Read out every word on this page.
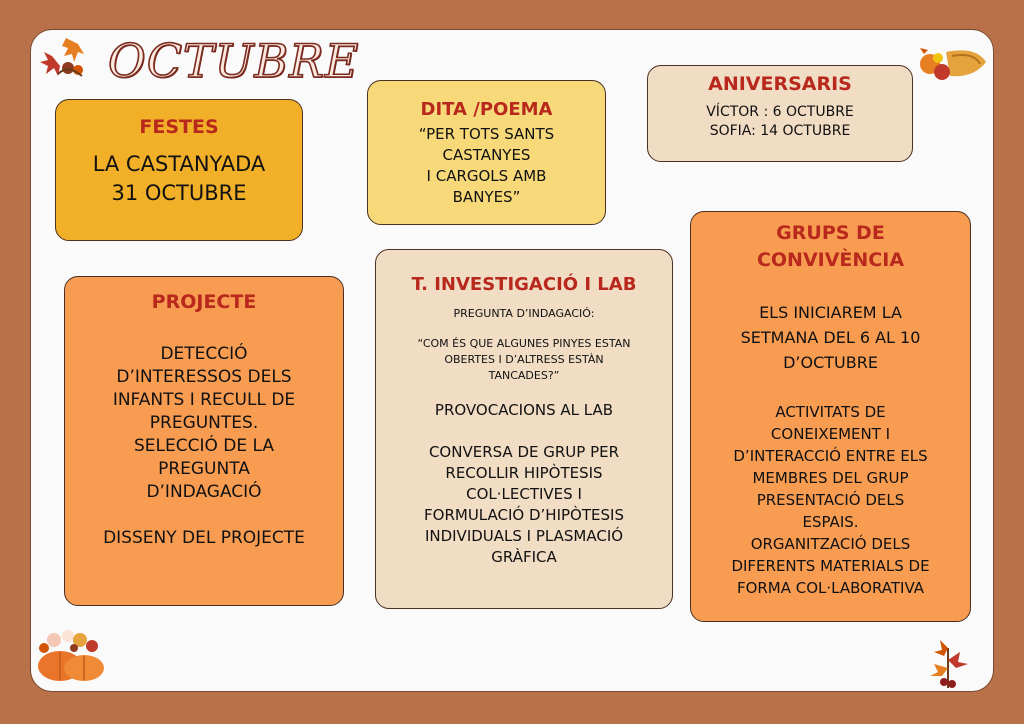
OCTUBRE
FESTES
LA CASTANYADA
31 OCTUBRE
DITA /POEMA
“PER TOTS SANTS
CASTANYES
I CARGOLS AMB
BANYES”
ANIVERSARIS
VÍCTOR : 6 OCTUBRE
SOFIA: 14 OCTUBRE
PROJECTE
DETECCIÓ
D’INTERESSOS DELS
INFANTS I RECULL DE
PREGUNTES.
SELECCIÓ DE LA
PREGUNTA
D’INDAGACIÓ
DISSENY DEL PROJECTE
T. INVESTIGACIÓ I LAB
PREGUNTA D’INDAGACIÓ:
“COM ÉS QUE ALGUNES PINYES ESTAN
OBERTES I D’ALTRESS ESTÀN
TANCADES?”
PROVOCACIONS AL LAB
CONVERSA DE GRUP PER
RECOLLIR HIPÒTESIS
COL·LECTIVES I
FORMULACIÓ D’HIPÒTESIS
INDIVIDUALS I PLASMACIÓ
GRÀFICA
GRUPS DE
CONVIVÈNCIA
ELS INICIAREM LA
SETMANA DEL 6 AL 10
D’OCTUBRE
ACTIVITATS DE
CONEIXEMENT I
D’INTERACCIÓ ENTRE ELS
MEMBRES DEL GRUP
PRESENTACIÓ DELS
ESPAIS.
ORGANITZACIÓ DELS
DIFERENTS MATERIALS DE
FORMA COL·LABORATIVA
